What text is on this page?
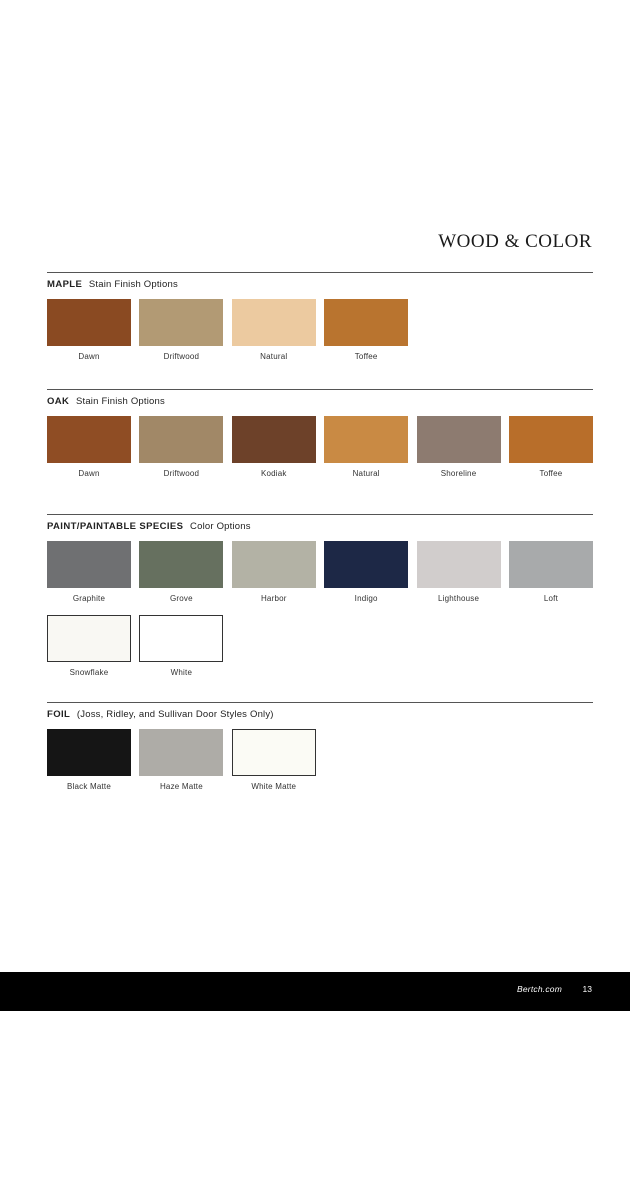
WOOD & COLOR
MAPLE Stain Finish Options
Dawn	Driftwood	Natural	Toffee
OAK Stain Finish Options
Dawn	Driftwood	Kodiak	Natural	Shoreline	Toffee
PAINT/PAINTABLE SPECIES Color Options
Graphite	Grove	Harbor	Indigo	Lighthouse	Loft
Snowflake	White
FOIL (Joss, Ridley, and Sullivan Door Styles Only)
Black Matte	Haze Matte	White Matte
Bertch.com 13
